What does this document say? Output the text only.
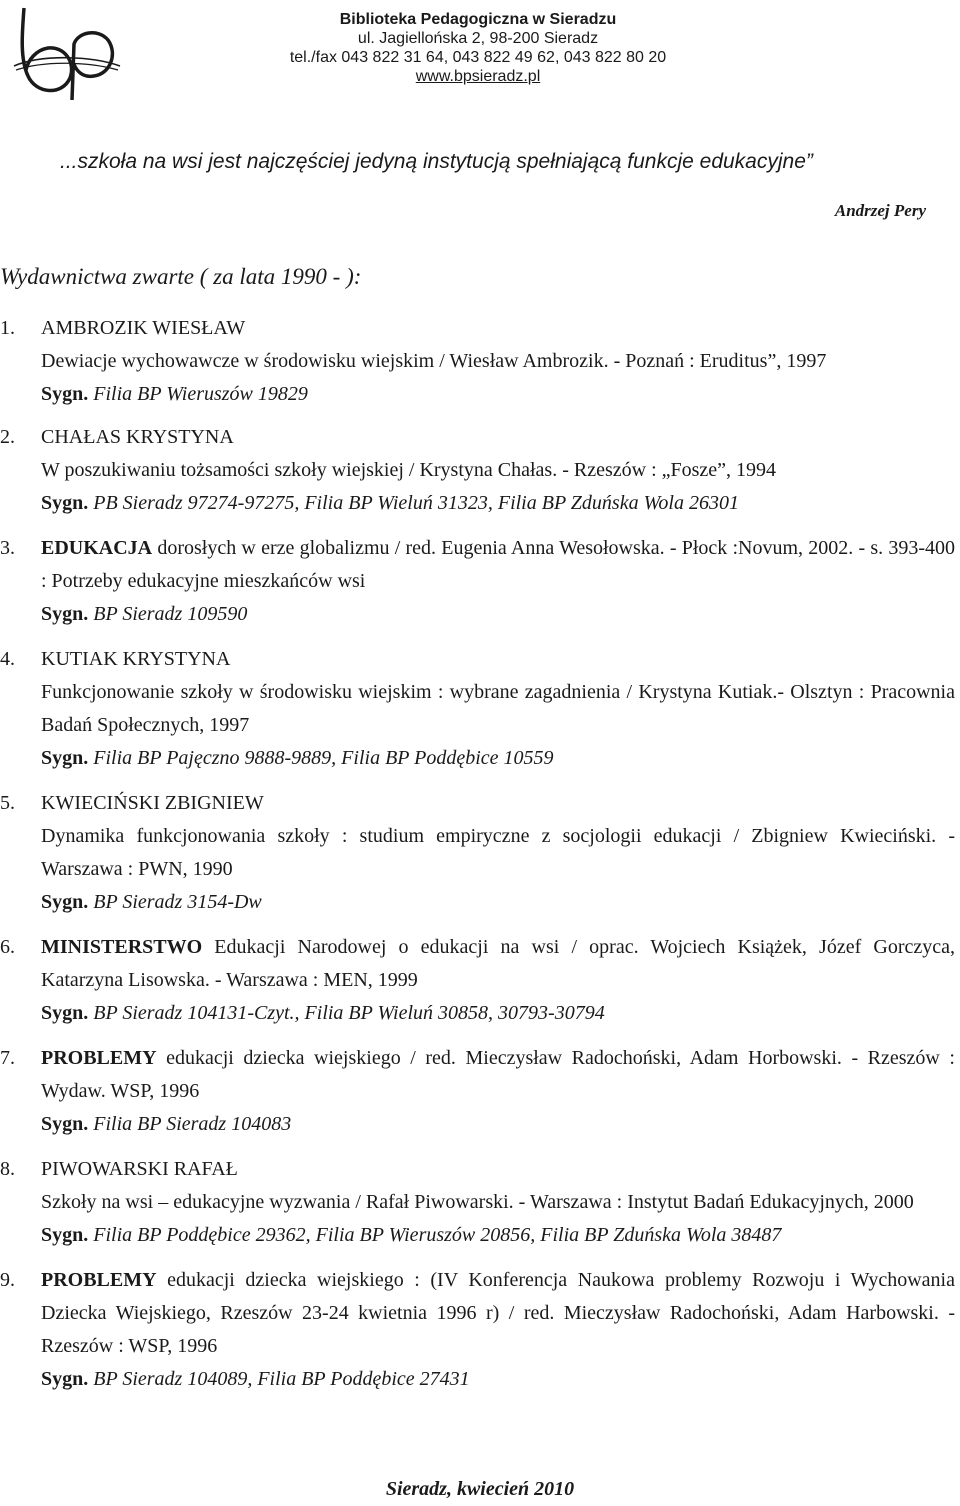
Biblioteka Pedagogiczna w Sieradzu
ul. Jagiellońska 2, 98-200 Sieradz
tel./fax 043 822 31 64, 043 822 49 62, 043 822 80 20
www.bpsieradz.pl
...szkoła na wsi jest najczęściej jedyną instytucją spełniającą funkcje edukacyjne”
Andrzej Pery
Wydawnictwa zwarte ( za lata 1990 - ):
1. AMBROZIK WIESŁAW

Dewiacje wychowawcze w środowisku wiejskim / Wiesław Ambrozik. - Poznań : Eruditus”, 1997

Sygn. Filia BP Wieruszów 19829

2. CHAŁAS KRYSTYNA

W poszukiwaniu tożsamości szkoły wiejskiej / Krystyna Chałas. - Rzeszów : „Fosze”, 1994

Sygn. PB Sieradz 97274-97275, Filia BP Wieluń 31323, Filia BP Zduńska Wola 26301

3. EDUKACJA dorosłych w erze globalizmu / red. Eugenia Anna Wesołowska. - Płock :Novum, 2002. - s. 393-400 : Potrzeby edukacyjne mieszkańców wsi

Sygn. BP Sieradz 109590

4. KUTIAK KRYSTYNA

Funkcjonowanie szkoły w środowisku wiejskim : wybrane zagadnienia / Krystyna Kutiak.- Olsztyn : Pracownia Badań Społecznych, 1997

Sygn. Filia BP Pajęczno 9888-9889, Filia BP Poddębice 10559

5. KWIECIŃSKI ZBIGNIEW

Dynamika funkcjonowania szkoły : studium empiryczne z socjologii edukacji / Zbigniew Kwieciński. - Warszawa : PWN, 1990

Sygn. BP Sieradz 3154-Dw

6. MINISTERSTWO Edukacji Narodowej o edukacji na wsi / oprac. Wojciech Książek, Józef Gorczyca, Katarzyna Lisowska. - Warszawa : MEN, 1999

Sygn. BP Sieradz 104131-Czyt., Filia BP Wieluń 30858, 30793-30794

7. PROBLEMY edukacji dziecka wiejskiego / red. Mieczysław Radochoński, Adam Horbowski. - Rzeszów : Wydaw. WSP, 1996

Sygn. Filia BP Sieradz 104083

8. PIWOWARSKI RAFAŁ

Szkoły na wsi – edukacyjne wyzwania / Rafał Piwowarski. - Warszawa : Instytut Badań Edukacyjnych, 2000

Sygn. Filia BP Poddębice 29362, Filia BP Wieruszów 20856, Filia BP Zduńska Wola 38487

9. PROBLEMY edukacji dziecka wiejskiego : (IV Konferencja Naukowa problemy Rozwoju i Wychowania Dziecka Wiejskiego, Rzeszów 23-24 kwietnia 1996 r) / red. Mieczysław Radochoński, Adam Harbowski. - Rzeszów : WSP, 1996

Sygn. BP Sieradz 104089, Filia BP Poddębice 27431

Sieradz, kwiecień 2010
